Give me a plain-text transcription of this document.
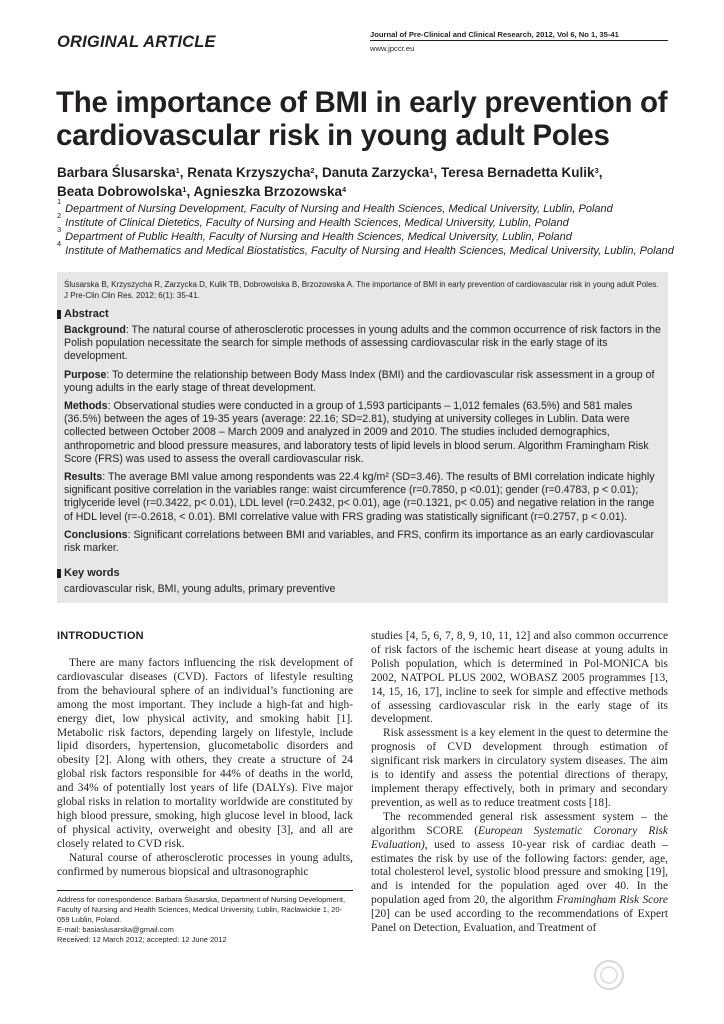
ORIGINAL ARTICLE	Journal of Pre-Clinical and Clinical Research, 2012, Vol 6, No 1, 35-41
www.jpccr.eu
The importance of BMI in early prevention of cardiovascular risk in young adult Poles
Barbara Ślusarska$^1$, Renata Krzyszycha$^2$, Danuta Zarzycka$^1$, Teresa Bernadetta Kulik$^3$,
Beata Dobrowolska$^1$, Agnieszka Brzozowska$^4$
1
Department of Nursing Development, Faculty of Nursing and Health Sciences, Medical University, Lublin, Poland
2
Institute of Clinical Dietetics, Faculty of Nursing and Health Sciences, Medical University, Lublin, Poland
3
Department of Public Health, Faculty of Nursing and Health Sciences, Medical University, Lublin, Poland
4
Institute of Mathematics and Medical Biostatistics, Faculty of Nursing and Health Sciences, Medical University, Lublin, Poland
Ślusarska B, Krzyszycha R, Zarzycka D, Kulik TB, Dobrowolska B, Brzozowska A. The importance of BMI in early prevention of cardiovascular risk in young adult Poles. J Pre-Clin Clin Res. 2012; 6(1): 35-41.
Abstract

Background: The natural course of atherosclerotic processes in young adults and the common occurrence of risk factors in the Polish population necessitate the search for simple methods of assessing cardiovascular risk in the early stage of its development.

Purpose: To determine the relationship between Body Mass Index (BMI) and the cardiovascular risk assessment in a group of young adults in the early stage of threat development.

Methods: Observational studies were conducted in a group of 1,593 participants – 1,012 females (63.5%) and 581 males (36.5%) between the ages of 19-35 years (average: 22.16; SD=2.81), studying at university colleges in Lublin. Data were collected between October 2008 – March 2009 and analyzed in 2009 and 2010. The studies included demographics, anthropometric and blood pressure measures, and laboratory tests of lipid levels in blood serum. Algorithm Framingham Risk Score (FRS) was used to assess the overall cardiovascular risk.

Results: The average BMI value among respondents was 22.4 kg/m² (SD=3.46). The results of BMI correlation indicate highly significant positive correlation in the variables range: waist circumference (r=0.7850, p <0.01); gender (r=0.4783, p < 0.01); triglyceride level (r=0.3422, p< 0.01), LDL level (r=0.2432, p< 0.01), age (r=0.1321, p< 0.05) and negative relation in the range of HDL level (r=-0.2618, < 0.01). BMI correlative value with FRS grading was statistically significant (r=0.2757, p < 0.01).

Conclusions: Significant correlations between BMI and variables, and FRS, confirm its importance as an early cardiovascular risk marker.

Key words
cardiovascular risk, BMI, young adults, primary preventive
INTRODUCTION

There are many factors influencing the risk development of cardiovascular diseases (CVD). Factors of lifestyle resulting from the behavioural sphere of an individual’s functioning are among the most important. They include a high-fat and high-energy diet, low physical activity, and smoking habit [1]. Metabolic risk factors, depending largely on lifestyle, include lipid disorders, hypertension, glucometabolic disorders and obesity [2]. Along with others, they create a structure of 24 global risk factors responsible for 44% of deaths in the world, and 34% of potentially lost years of life (DALYs). Five major global risks in relation to mortality worldwide are constituted by high blood pressure, smoking, high glucose level in blood, lack of physical activity, overweight and obesity [3], and all are closely related to CVD risk.

Natural course of atherosclerotic processes in young adults, confirmed by numerous biopsical and ultrasonographic

studies [4, 5, 6, 7, 8, 9, 10, 11, 12] and also common occurrence of risk factors of the ischemic heart disease at young adults in Polish population, which is determined in Pol-MONICA bis 2002, NATPOL PLUS 2002, WOBASZ 2005 programmes [13, 14, 15, 16, 17], incline to seek for simple and effective methods of assessing cardiovascular risk in the early stage of its development.

Risk assessment is a key element in the quest to determine the prognosis of CVD development through estimation of significant risk markers in circulatory system diseases. The aim is to identify and assess the potential directions of therapy, implement therapy effectively, both in primary and secondary prevention, as well as to reduce treatment costs [18].

The recommended general risk assessment system – the algorithm SCORE (European Systematic Coronary Risk Evaluation), used to assess 10-year risk of cardiac death – estimates the risk by use of the following factors: gender, age, total cholesterol level, systolic blood pressure and smoking [19], and is intended for the population aged over 40. In the population aged from 20, the algorithm Framingham Risk Score [20] can be used according to the recommendations of Expert Panel on Detection, Evaluation, and Treatment of

Address for correspondence: Barbara Ślusarska, Department of Nursing Development, Faculty of Nursing and Health Sciences, Medical University, Lublin, Racławickie 1, 20-059 Lublin, Poland.
E-mail: basiaslusarska@gmail.com
Received: 12 March 2012; accepted: 12 June 2012
